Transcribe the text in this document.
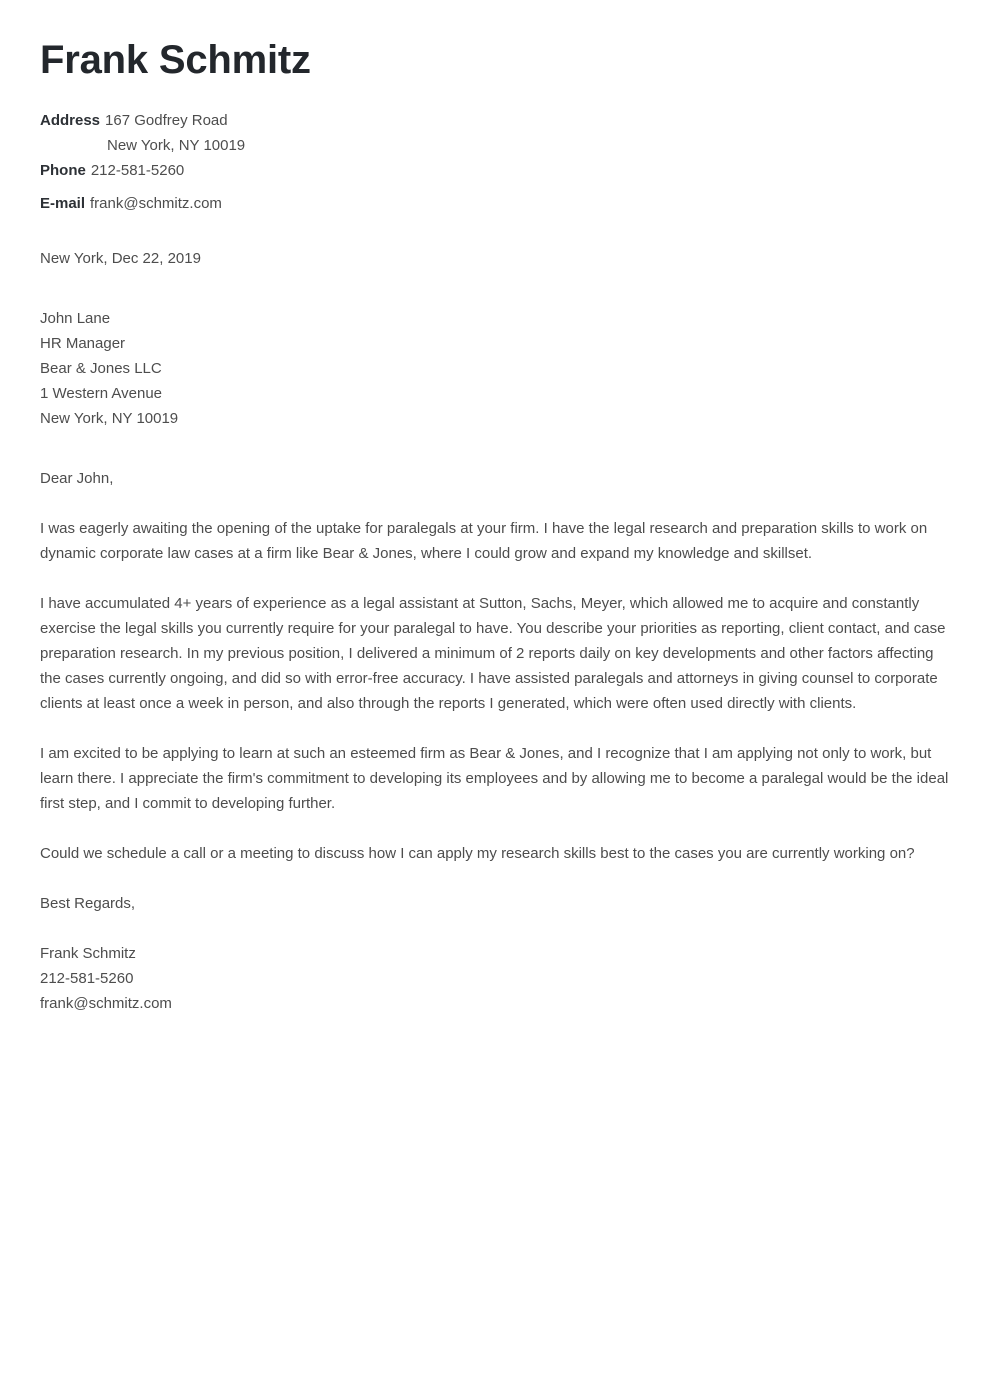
Frank Schmitz
Address 167 Godfrey Road
New York, NY 10019
Phone 212-581-5260
E-mail frank@schmitz.com
New York, Dec 22, 2019
John Lane
HR Manager
Bear & Jones LLC
1 Western Avenue
New York, NY 10019
Dear John,

I was eagerly awaiting the opening of the uptake for paralegals at your firm. I have the legal research and preparation skills to work on dynamic corporate law cases at a firm like Bear & Jones, where I could grow and expand my knowledge and skillset.

I have accumulated 4+ years of experience as a legal assistant at Sutton, Sachs, Meyer, which allowed me to acquire and constantly exercise the legal skills you currently require for your paralegal to have. You describe your priorities as reporting, client contact, and case preparation research. In my previous position, I delivered a minimum of 2 reports daily on key developments and other factors affecting the cases currently ongoing, and did so with error-free accuracy. I have assisted paralegals and attorneys in giving counsel to corporate clients at least once a week in person, and also through the reports I generated, which were often used directly with clients.

I am excited to be applying to learn at such an esteemed firm as Bear & Jones, and I recognize that I am applying not only to work, but learn there. I appreciate the firm's commitment to developing its employees and by allowing me to become a paralegal would be the ideal first step, and I commit to developing further.

Could we schedule a call or a meeting to discuss how I can apply my research skills best to the cases you are currently working on?

Best Regards,
Frank Schmitz
212-581-5260
frank@schmitz.com
